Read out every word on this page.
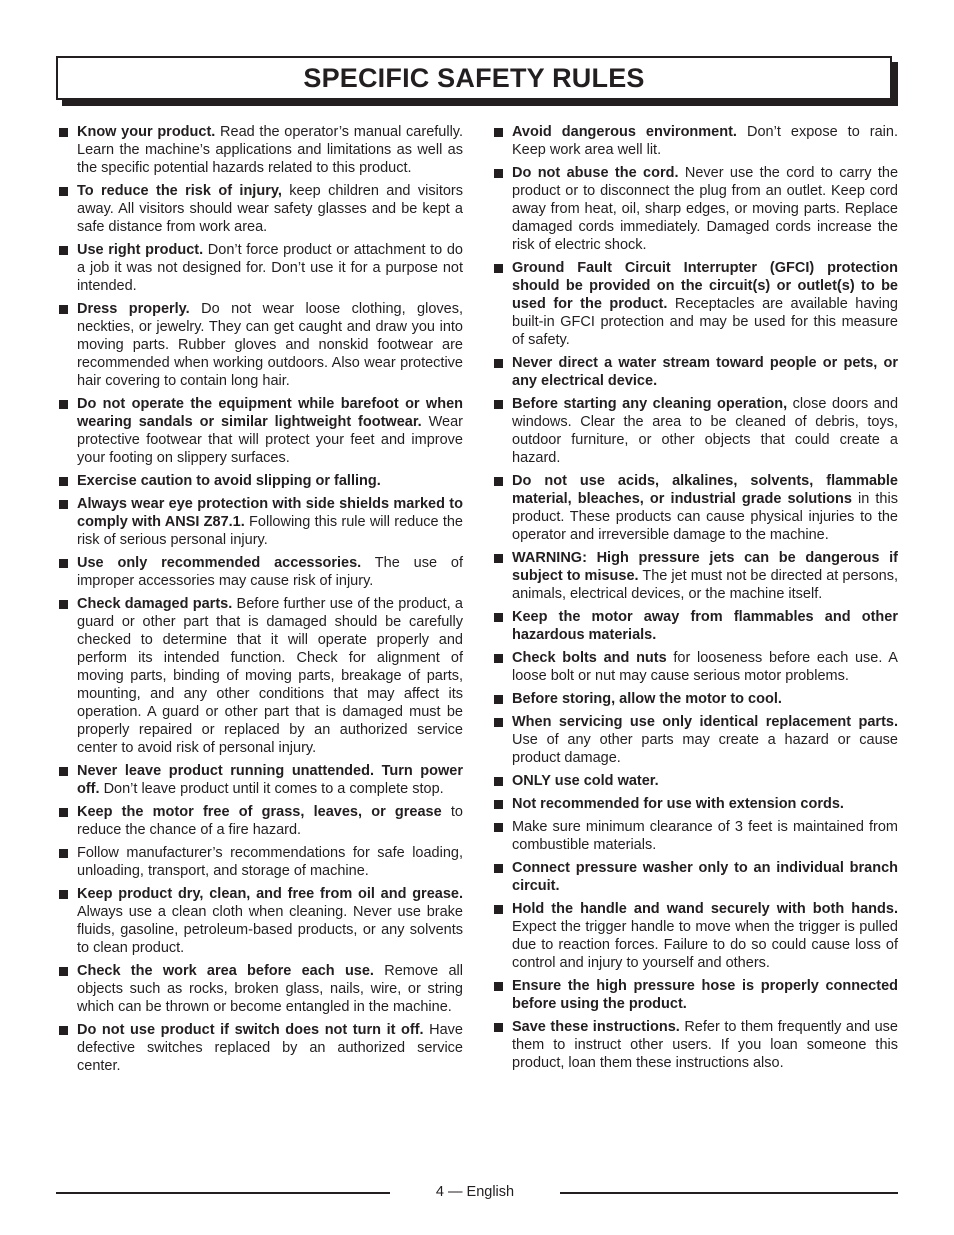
SPECIFIC SAFETY RULES
Know your product. Read the operator’s manual carefully. Learn the machine’s applications and limitations as well as the specific potential hazards related to this product.
To reduce the risk of injury, keep children and visitors away. All visitors should wear safety glasses and be kept a safe distance from work area.
Use right product. Don’t force product or attachment to do a job it was not designed for. Don’t use it for a purpose not intended.
Dress properly. Do not wear loose clothing, gloves, neckties, or jewelry. They can get caught and draw you into moving parts. Rubber gloves and nonskid footwear are recommended when working outdoors. Also wear protective hair covering to contain long hair.
Do not operate the equipment while barefoot or when wearing sandals or similar lightweight footwear. Wear protective footwear that will protect your feet and improve your footing on slippery surfaces.
Exercise caution to avoid slipping or falling.
Always wear eye protection with side shields marked to comply with ANSI Z87.1. Following this rule will reduce the risk of serious personal injury.
Use only recommended accessories. The use of improper accessories may cause risk of injury.
Check damaged parts. Before further use of the product, a guard or other part that is damaged should be carefully checked to determine that it will operate properly and perform its intended function. Check for alignment of moving parts, binding of moving parts, breakage of parts, mounting, and any other conditions that may affect its operation. A guard or other part that is damaged must be properly repaired or replaced by an authorized service center to avoid risk of personal injury.
Never leave product running unattended. Turn power off. Don’t leave product until it comes to a complete stop.
Keep the motor free of grass, leaves, or grease to reduce the chance of a fire hazard.
Follow manufacturer’s recommendations for safe loading, unloading, transport, and storage of machine.
Keep product dry, clean, and free from oil and grease. Always use a clean cloth when cleaning. Never use brake fluids, gasoline, petroleum-based products, or any solvents to clean product.
Check the work area before each use. Remove all objects such as rocks, broken glass, nails, wire, or string which can be thrown or become entangled in the machine.
Do not use product if switch does not turn it off. Have defective switches replaced by an authorized service center.
Avoid dangerous environment. Don’t expose to rain. Keep work area well lit.
Do not abuse the cord. Never use the cord to carry the product or to disconnect the plug from an outlet. Keep cord away from heat, oil, sharp edges, or moving parts. Replace damaged cords immediately. Damaged cords increase the risk of electric shock.
Ground Fault Circuit Interrupter (GFCI) protection should be provided on the circuit(s) or outlet(s) to be used for the product. Receptacles are available having built-in GFCI protection and may be used for this measure of safety.
Never direct a water stream toward people or pets, or any electrical device.
Before starting any cleaning operation, close doors and windows. Clear the area to be cleaned of debris, toys, outdoor furniture, or other objects that could create a hazard.
Do not use acids, alkalines, solvents, flammable material, bleaches, or industrial grade solutions in this product. These products can cause physical injuries to the operator and irreversible damage to the machine.
WARNING: High pressure jets can be dangerous if subject to misuse. The jet must not be directed at persons, animals, electrical devices, or the machine itself.
Keep the motor away from flammables and other hazardous materials.
Check bolts and nuts for looseness before each use. A loose bolt or nut may cause serious motor problems.
Before storing, allow the motor to cool.
When servicing use only identical replacement parts. Use of any other parts may create a hazard or cause product damage.
ONLY use cold water.
Not recommended for use with extension cords.
Make sure minimum clearance of 3 feet is maintained from combustible materials.
Connect pressure washer only to an individual branch circuit.
Hold the handle and wand securely with both hands. Expect the trigger handle to move when the trigger is pulled due to reaction forces. Failure to do so could cause loss of control and injury to yourself and others.
Ensure the high pressure hose is properly connected before using the product.
Save these instructions. Refer to them frequently and use them to instruct other users. If you loan someone this product, loan them these instructions also.
4 — English
